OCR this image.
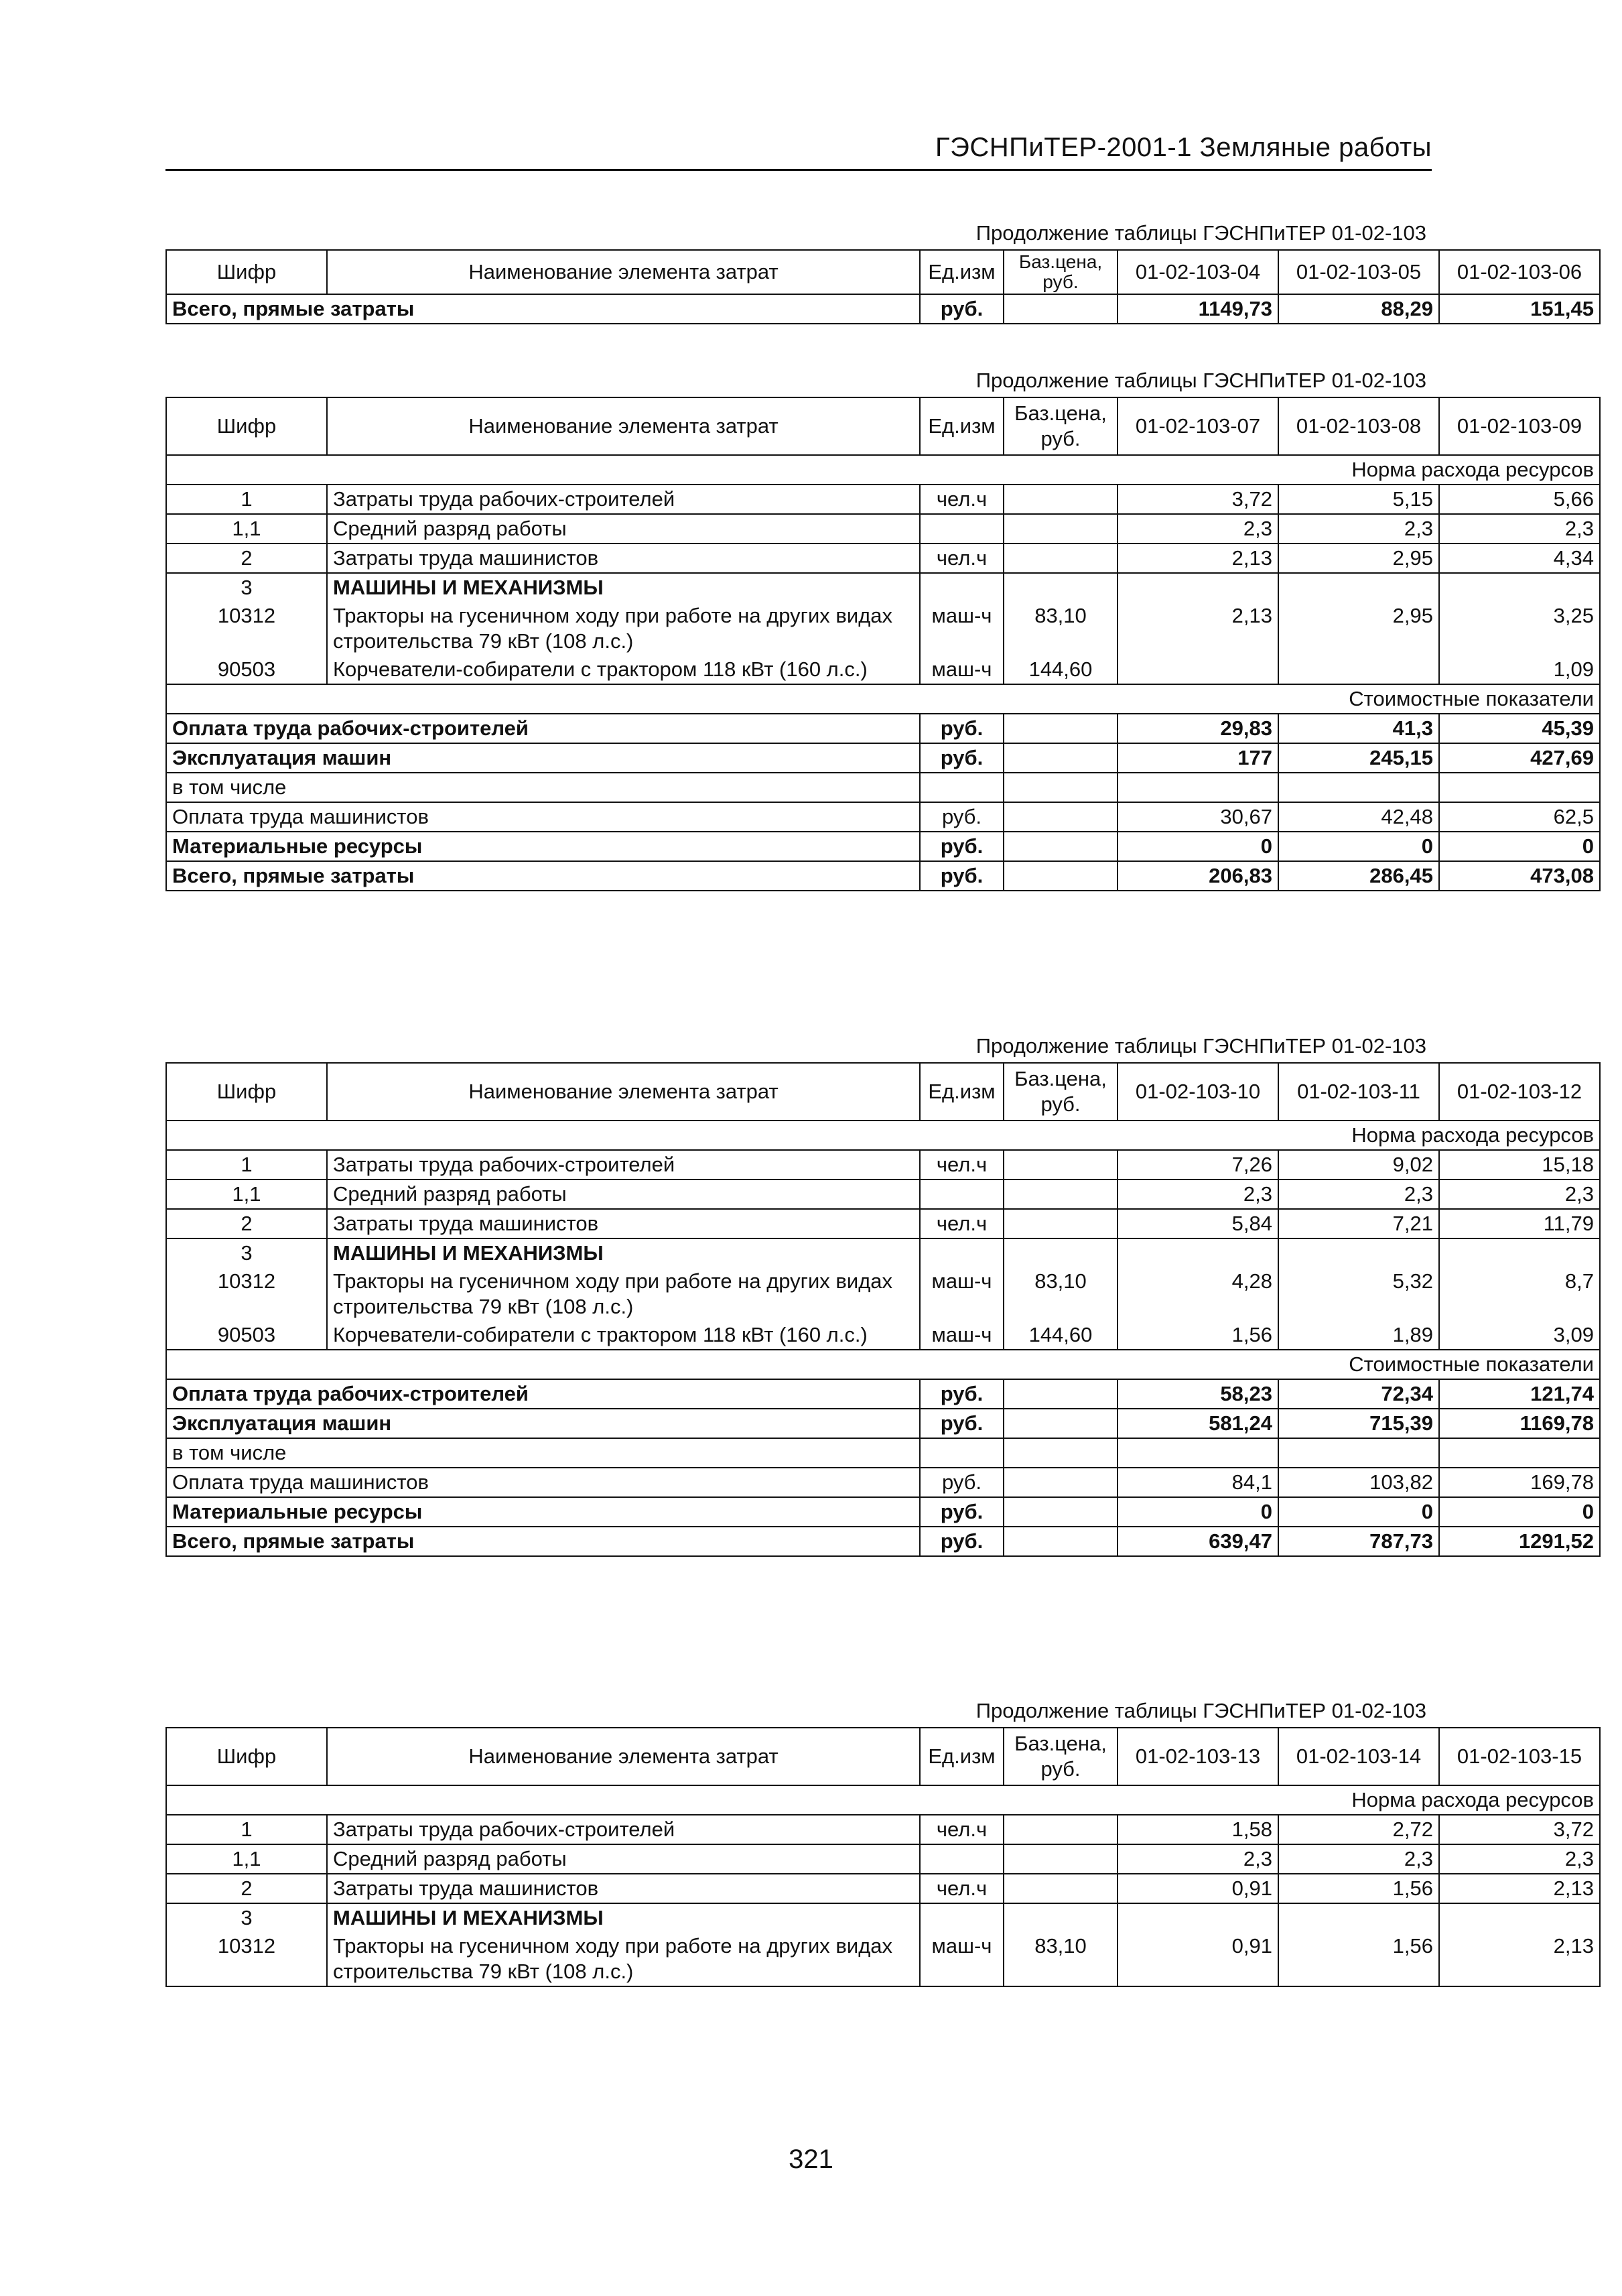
ГЭСНПиТЕР-2001-1 Земляные работы
Продолжение таблицы ГЭСНПиТЕР 01-02-103
Шифр	Наименование элемента затрат	Ед.изм	Баз.цена, руб.	01-02-103-04	01-02-103-05	01-02-103-06
Всего, прямые затраты		руб.		1149,73	88,29	151,45
Продолжение таблицы ГЭСНПиТЕР 01-02-103
Шифр	Наименование элемента затрат	Ед.изм	Баз.цена, руб.	01-02-103-07	01-02-103-08	01-02-103-09
Норма расхода ресурсов						
1	Затраты труда рабочих-строителей	чел.ч		3,72	5,15	5,66
1,1	Средний разряд работы			2,3	2,3	2,3
2	Затраты труда машинистов	чел.ч		2,13	2,95	4,34
3	МАШИНЫ И МЕХАНИЗМЫ					
10312	Тракторы на гусеничном ходу при работе на других видах строительства 79 кВт (108 л.с.)	маш-ч	83,10	2,13	2,95	3,25
90503	Корчеватели-собиратели с трактором 118 кВт (160 л.с.)	маш-ч	144,60			1,09
Стоимостные показатели						
Оплата труда рабочих-строителей		руб.		29,83	41,3	45,39
Эксплуатация машин		руб.		177	245,15	427,69
в том числе						
Оплата труда машинистов		руб.		30,67	42,48	62,5
Материальные ресурсы		руб.		0	0	0
Всего, прямые затраты		руб.		206,83	286,45	473,08
Продолжение таблицы ГЭСНПиТЕР 01-02-103
Шифр	Наименование элемента затрат	Ед.изм	Баз.цена, руб.	01-02-103-10	01-02-103-11	01-02-103-12
Норма расхода ресурсов						
1	Затраты труда рабочих-строителей	чел.ч		7,26	9,02	15,18
1,1	Средний разряд работы			2,3	2,3	2,3
2	Затраты труда машинистов	чел.ч		5,84	7,21	11,79
3	МАШИНЫ И МЕХАНИЗМЫ					
10312	Тракторы на гусеничном ходу при работе на других видах строительства 79 кВт (108 л.с.)	маш-ч	83,10	4,28	5,32	8,7
90503	Корчеватели-собиратели с трактором 118 кВт (160 л.с.)	маш-ч	144,60	1,56	1,89	3,09
Стоимостные показатели						
Оплата труда рабочих-строителей		руб.		58,23	72,34	121,74
Эксплуатация машин		руб.		581,24	715,39	1169,78
в том числе						
Оплата труда машинистов		руб.		84,1	103,82	169,78
Материальные ресурсы		руб.		0	0	0
Всего, прямые затраты		руб.		639,47	787,73	1291,52
Продолжение таблицы ГЭСНПиТЕР 01-02-103
Шифр	Наименование элемента затрат	Ед.изм	Баз.цена, руб.	01-02-103-13	01-02-103-14	01-02-103-15
Норма расхода ресурсов						
1	Затраты труда рабочих-строителей	чел.ч		1,58	2,72	3,72
1,1	Средний разряд работы			2,3	2,3	2,3
2	Затраты труда машинистов	чел.ч		0,91	1,56	2,13
3	МАШИНЫ И МЕХАНИЗМЫ					
10312	Тракторы на гусеничном ходу при работе на других видах строительства 79 кВт (108 л.с.)	маш-ч	83,10	0,91	1,56	2,13
321
